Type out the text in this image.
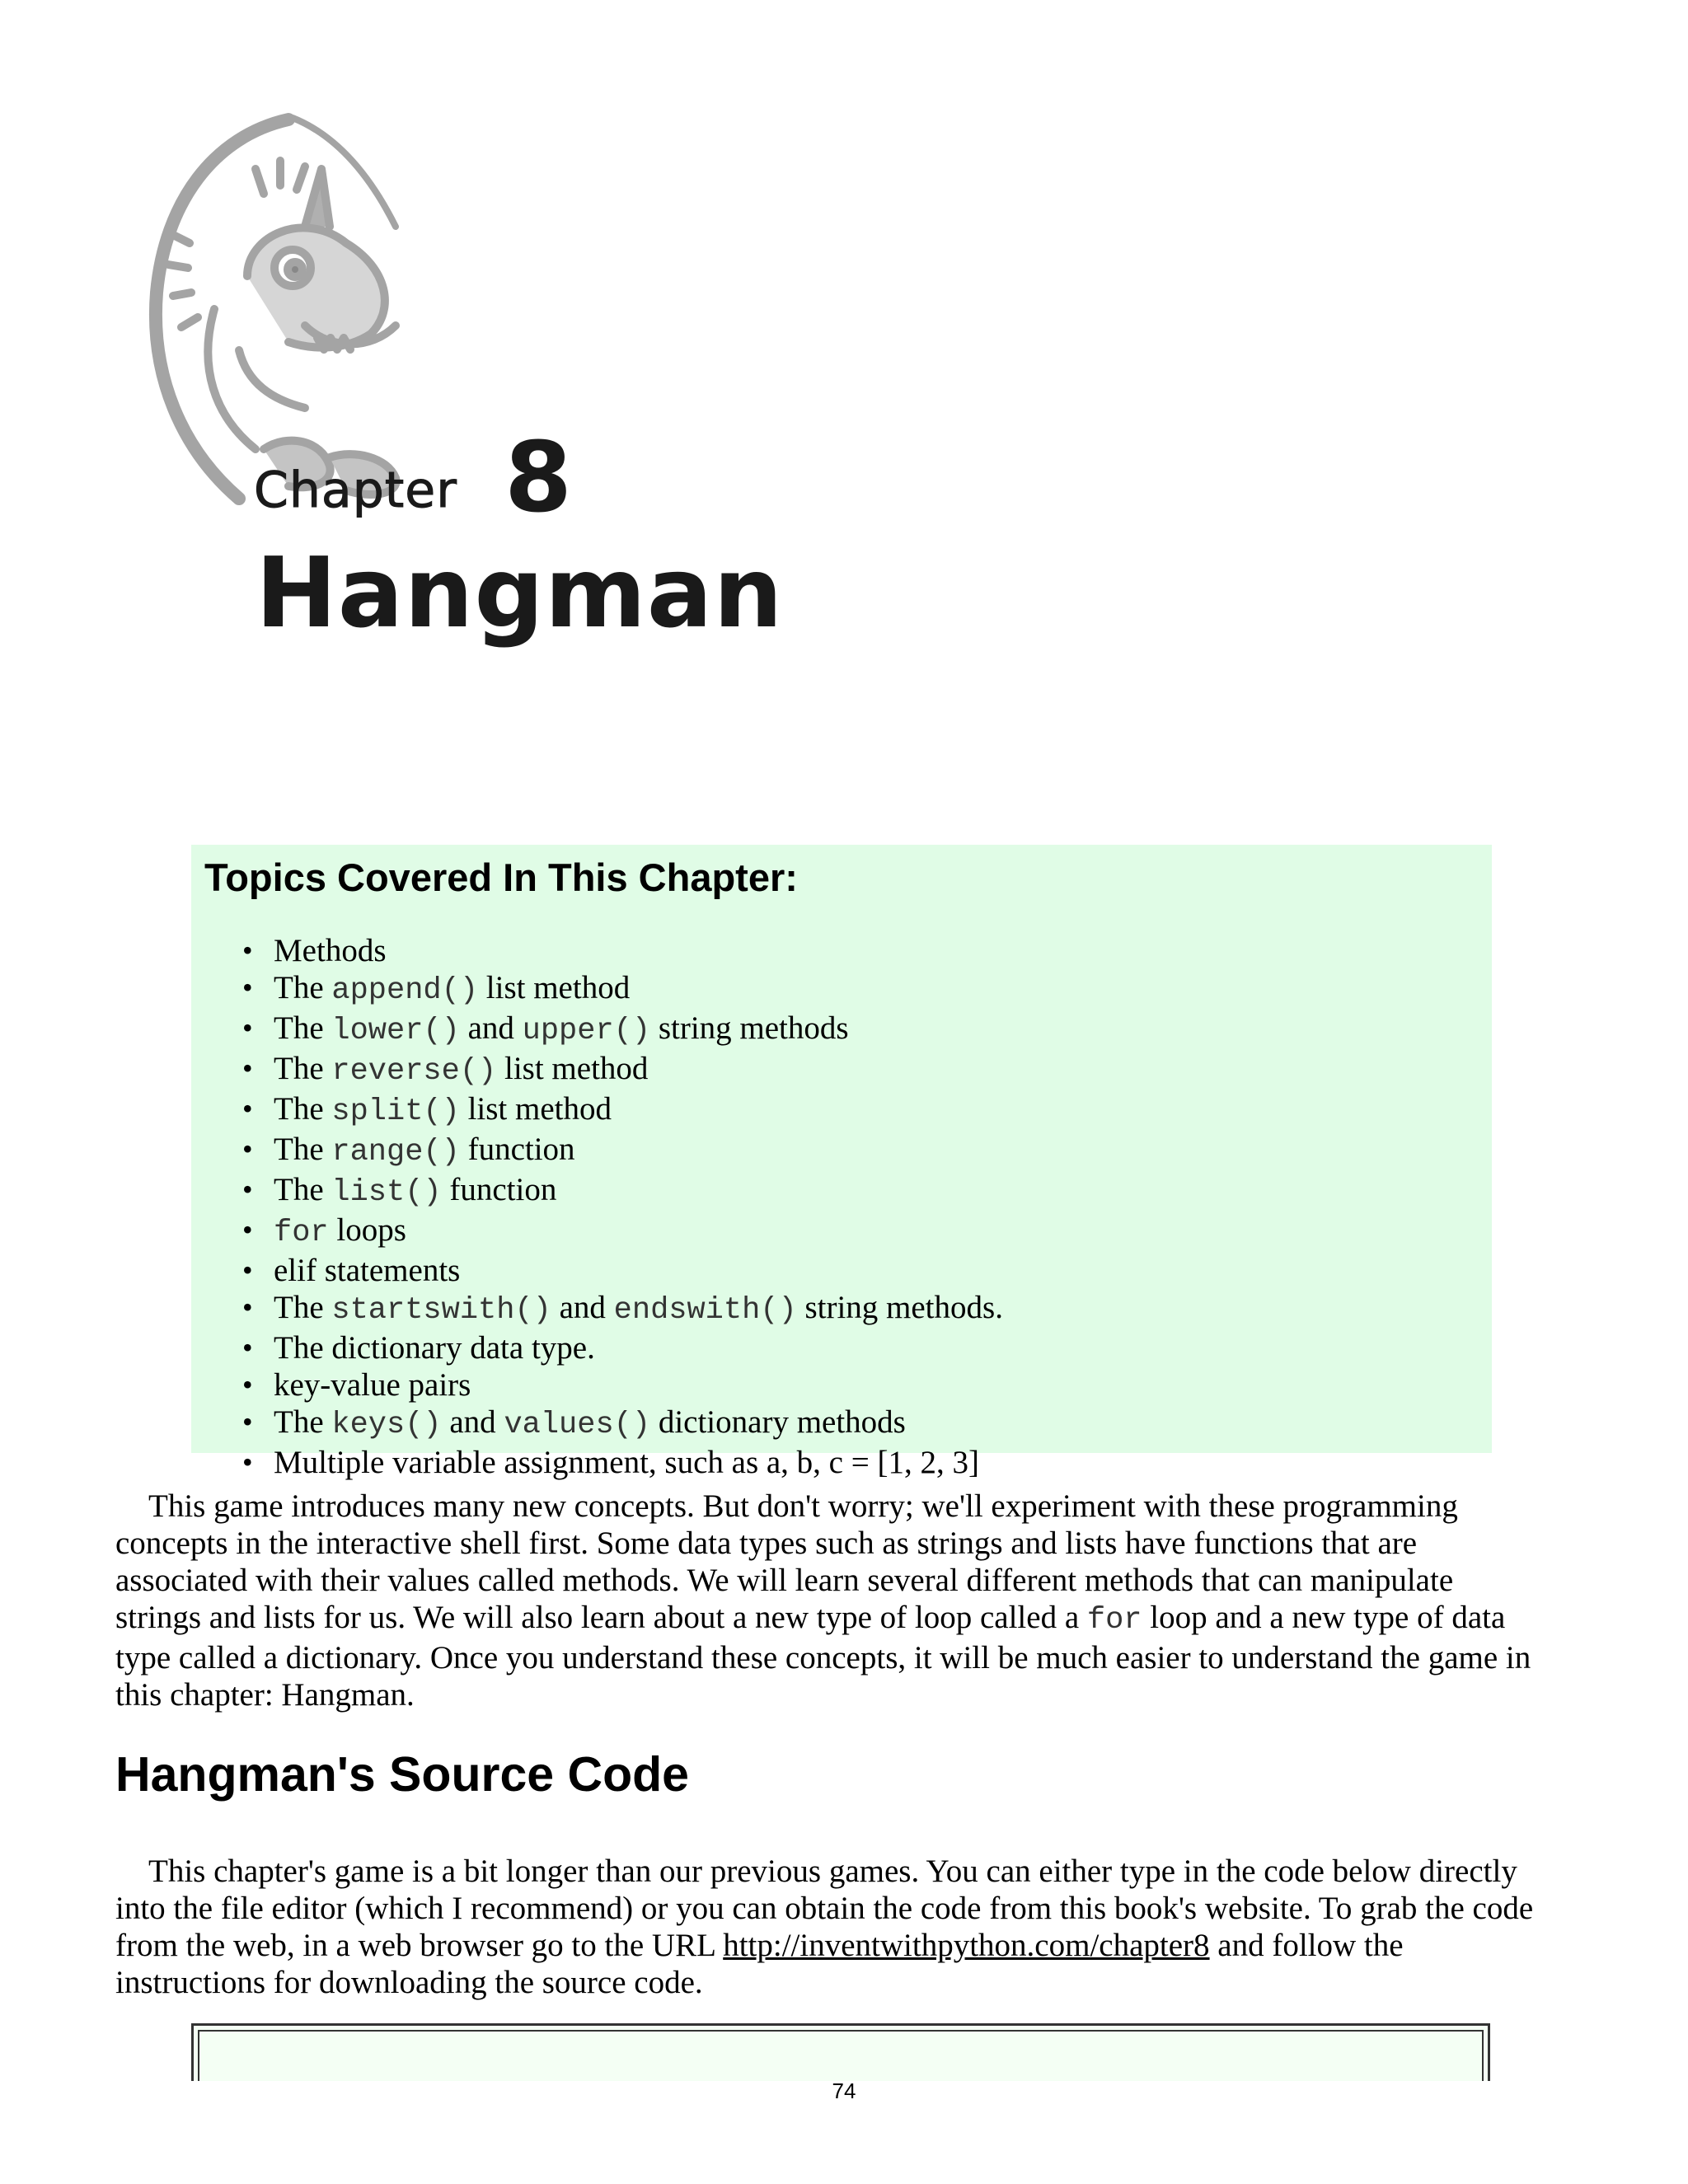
Chapter 8
Hangman
Topics Covered In This Chapter:
• Methods
• The append() list method
• The lower() and upper() string methods
• The reverse() list method
• The split() list method
• The range() function
• The list() function
• for loops
• elif statements
• The startswith() and endswith() string methods.
• The dictionary data type.
• key-value pairs
• The keys() and values() dictionary methods
• Multiple variable assignment, such as a, b, c = [1, 2, 3]

This game introduces many new concepts. But don't worry; we'll experiment with these programming concepts in the interactive shell first. Some data types such as strings and lists have functions that are associated with their values called methods. We will learn several different methods that can manipulate strings and lists for us. We will also learn about a new type of loop called a for loop and a new type of data type called a dictionary. Once you understand these concepts, it will be much easier to understand the game in this chapter: Hangman.

Hangman's Source Code

This chapter's game is a bit longer than our previous games. You can either type in the code below directly into the file editor (which I recommend) or you can obtain the code from this book's website. To grab the code from the web, in a web browser go to the URL http://inventwithpython.com/chapter8 and follow the instructions for downloading the source code.

74
